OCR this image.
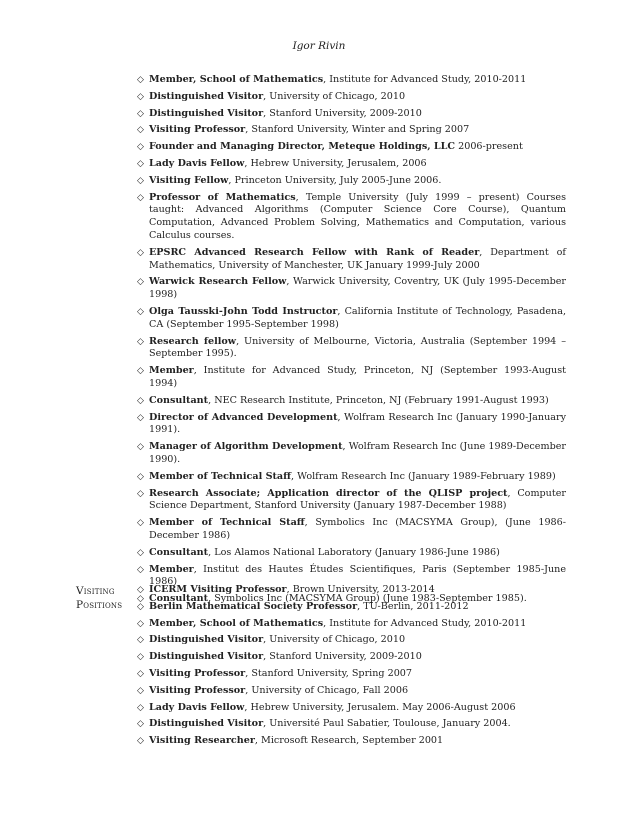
Igor Rivin
◇ Member, School of Mathematics, Institute for Advanced Study, 2010-2011
◇ Distinguished Visitor, University of Chicago, 2010
◇ Distinguished Visitor, Stanford University, 2009-2010
◇ Visiting Professor, Stanford University, Winter and Spring 2007
◇ Founder and Managing Director, Meteque Holdings, LLC 2006-present
◇ Lady Davis Fellow, Hebrew University, Jerusalem, 2006
◇ Visiting Fellow, Princeton University, July 2005-June 2006.
◇ Professor of Mathematics, Temple University (July 1999 – present) Courses taught: Advanced Algorithms (Computer Science Core Course), Quantum Computation, Advanced Problem Solving, Mathematics and Computation, various Calculus courses.
◇ EPSRC Advanced Research Fellow with Rank of Reader, Department of Mathematics, University of Manchester, UK January 1999-July 2000
◇ Warwick Research Fellow, Warwick University, Coventry, UK (July 1995-December 1998)
◇ Olga Tausski-John Todd Instructor, California Institute of Technology, Pasadena, CA (September 1995-September 1998)
◇ Research fellow, University of Melbourne, Victoria, Australia (September 1994 – September 1995).
◇ Member, Institute for Advanced Study, Princeton, NJ (September 1993-August 1994)
◇ Consultant, NEC Research Institute, Princeton, NJ (February 1991-August 1993)
◇ Director of Advanced Development, Wolfram Research Inc (January 1990-January 1991).
◇ Manager of Algorithm Development, Wolfram Research Inc (June 1989-December 1990).
◇ Member of Technical Staff, Wolfram Research Inc (January 1989-February 1989)
◇ Research Associate; Application director of the QLISP project, Computer Science Department, Stanford University (January 1987-December 1988)
◇ Member of Technical Staff, Symbolics Inc (MACSYMA Group), (June 1986-December 1986)
◇ Consultant, Los Alamos National Laboratory (January 1986-June 1986)
◇ Member, Institut des Hautes Études Scientifiques, Paris (September 1985-June 1986)
◇ Consultant, Symbolics Inc (MACSYMA Group) (June 1983-September 1985).
Visiting
Positions
◇ ICERM Visiting Professor, Brown University, 2013-2014
◇ Berlin Mathematical Society Professor, TU-Berlin, 2011-2012
◇ Member, School of Mathematics, Institute for Advanced Study, 2010-2011
◇ Distinguished Visitor, University of Chicago, 2010
◇ Distinguished Visitor, Stanford University, 2009-2010
◇ Visiting Professor, Stanford University, Spring 2007
◇ Visiting Professor, University of Chicago, Fall 2006
◇ Lady Davis Fellow, Hebrew University, Jerusalem. May 2006-August 2006
◇ Distinguished Visitor, Université Paul Sabatier, Toulouse, January 2004.
◇ Visiting Researcher, Microsoft Research, September 2001
